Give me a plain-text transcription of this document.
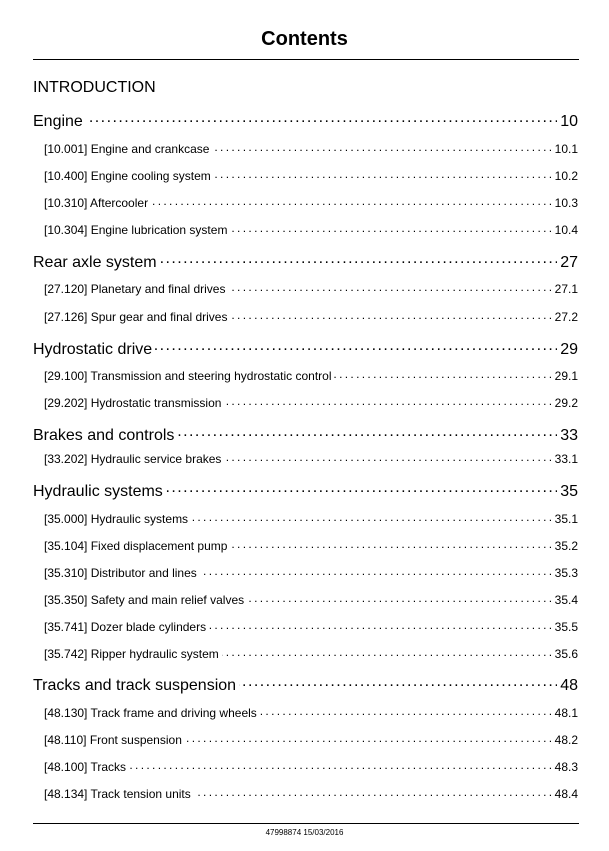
Contents
INTRODUCTION
Engine . . .	10
[10.001] Engine and crankcase . . .	10.1
[10.400] Engine cooling system . . .	10.2
[10.310] Aftercooler . . .	10.3
[10.304] Engine lubrication system . . .	10.4
Rear axle system . . .	27
[27.120] Planetary and final drives . . .	27.1
[27.126] Spur gear and final drives . . .	27.2
Hydrostatic drive . . .	29
[29.100] Transmission and steering hydrostatic control . . .	29.1
[29.202] Hydrostatic transmission . . .	29.2
Brakes and controls . . .	33
[33.202] Hydraulic service brakes . . .	33.1
Hydraulic systems . . .	35
[35.000] Hydraulic systems . . .	35.1
[35.104] Fixed displacement pump . . .	35.2
[35.310] Distributor and lines . . .	35.3
[35.350] Safety and main relief valves . . .	35.4
[35.741] Dozer blade cylinders . . .	35.5
[35.742] Ripper hydraulic system . . .	35.6
Tracks and track suspension . . .	48
[48.130] Track frame and driving wheels . . .	48.1
[48.110] Front suspension . . .	48.2
[48.100] Tracks . . .	48.3
[48.134] Track tension units . . .	48.4
47998874 15/03/2016
